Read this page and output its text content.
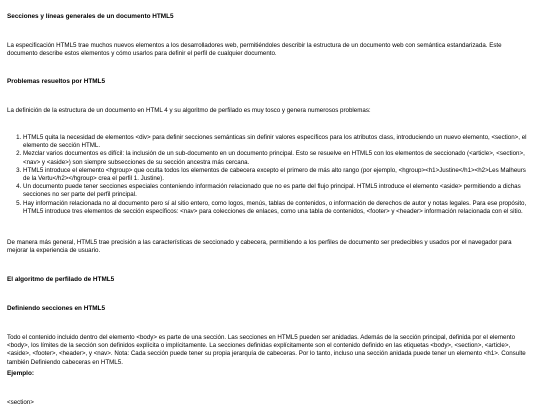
Secciones y líneas generales de un documento HTML5

La especificación HTML5 trae muchos nuevos elementos a los desarrolladores web, permitiéndoles describir la estructura de un documento web con semántica estandarizada. Este documento describe estos elementos y cómo usarlos para definir el perfil de cualquier documento.

Problemas resueltos por HTML5

La definición de la estructura de un documento en HTML 4 y su algoritmo de perfilado es muy tosco y genera numerosos problemas:

1. HTML5 quita la necesidad de elementos <div> para definir secciones semánticas sin definir valores específicos para los atributos class, introduciendo un nuevo elemento, <section>, el elemento de sección HTML.
2. Mezclar varios documentos es difícil: la inclusión de un sub-documento en un documento principal. Esto se resuelve en HTML5 con los elementos de seccionado (<article>, <section>, <nav> y <aside>) son siempre subsecciones de su sección ancestra más cercana.
3. HTML5 introduce el elemento <hgroup> que oculta todos los elementos de cabecera excepto el primero de más alto rango (por ejemplo, <hgroup><h1>Justine</h1><h2>Les Malheurs de la Vertu</h2></hgroup> crea el perfil 1. Justine).
4. Un documento puede tener secciones especiales conteniendo información relacionado que no es parte del flujo principal. HTML5 introduce el elemento <aside> permitiendo a dichas secciones no ser parte del perfil principal.
5. Hay información relacionada no al documento pero sí al sitio entero, como logos, menús, tablas de contenidos, o información de derechos de autor y notas legales. Para ese propósito, HTML5 introduce tres elementos de sección específicos: <nav> para colecciones de enlaces, como una tabla de contenidos, <footer> y <header> información relacionada con el sitio.

De manera más general, HTML5 trae precisión a las características de seccionado y cabecera, permitiendo a los perfiles de documento ser predecibles y usados por el navegador para mejorar la experiencia de usuario.

El algoritmo de perfilado de HTML5
Definiendo secciones en HTML5

Todo el contenido incluido dentro del elemento <body> es parte de una sección. Las secciones en HTML5 pueden ser anidadas. Además de la sección principal, definida por el elemento <body>, los límites de la sección son definidos explícita o implícitamente. La secciones definidas explícitamente son el contenido definido en las etiquetas <body>, <section>, <article>, <aside>, <footer>, <header>, y <nav>. Nota: Cada sección puede tener su propia jerarquía de cabeceras. Por lo tanto, incluso una sección anidada puede tener un elemento <h1>. Consulte también Definiendo cabeceras en HTML5.

Ejemplo:
<section>
